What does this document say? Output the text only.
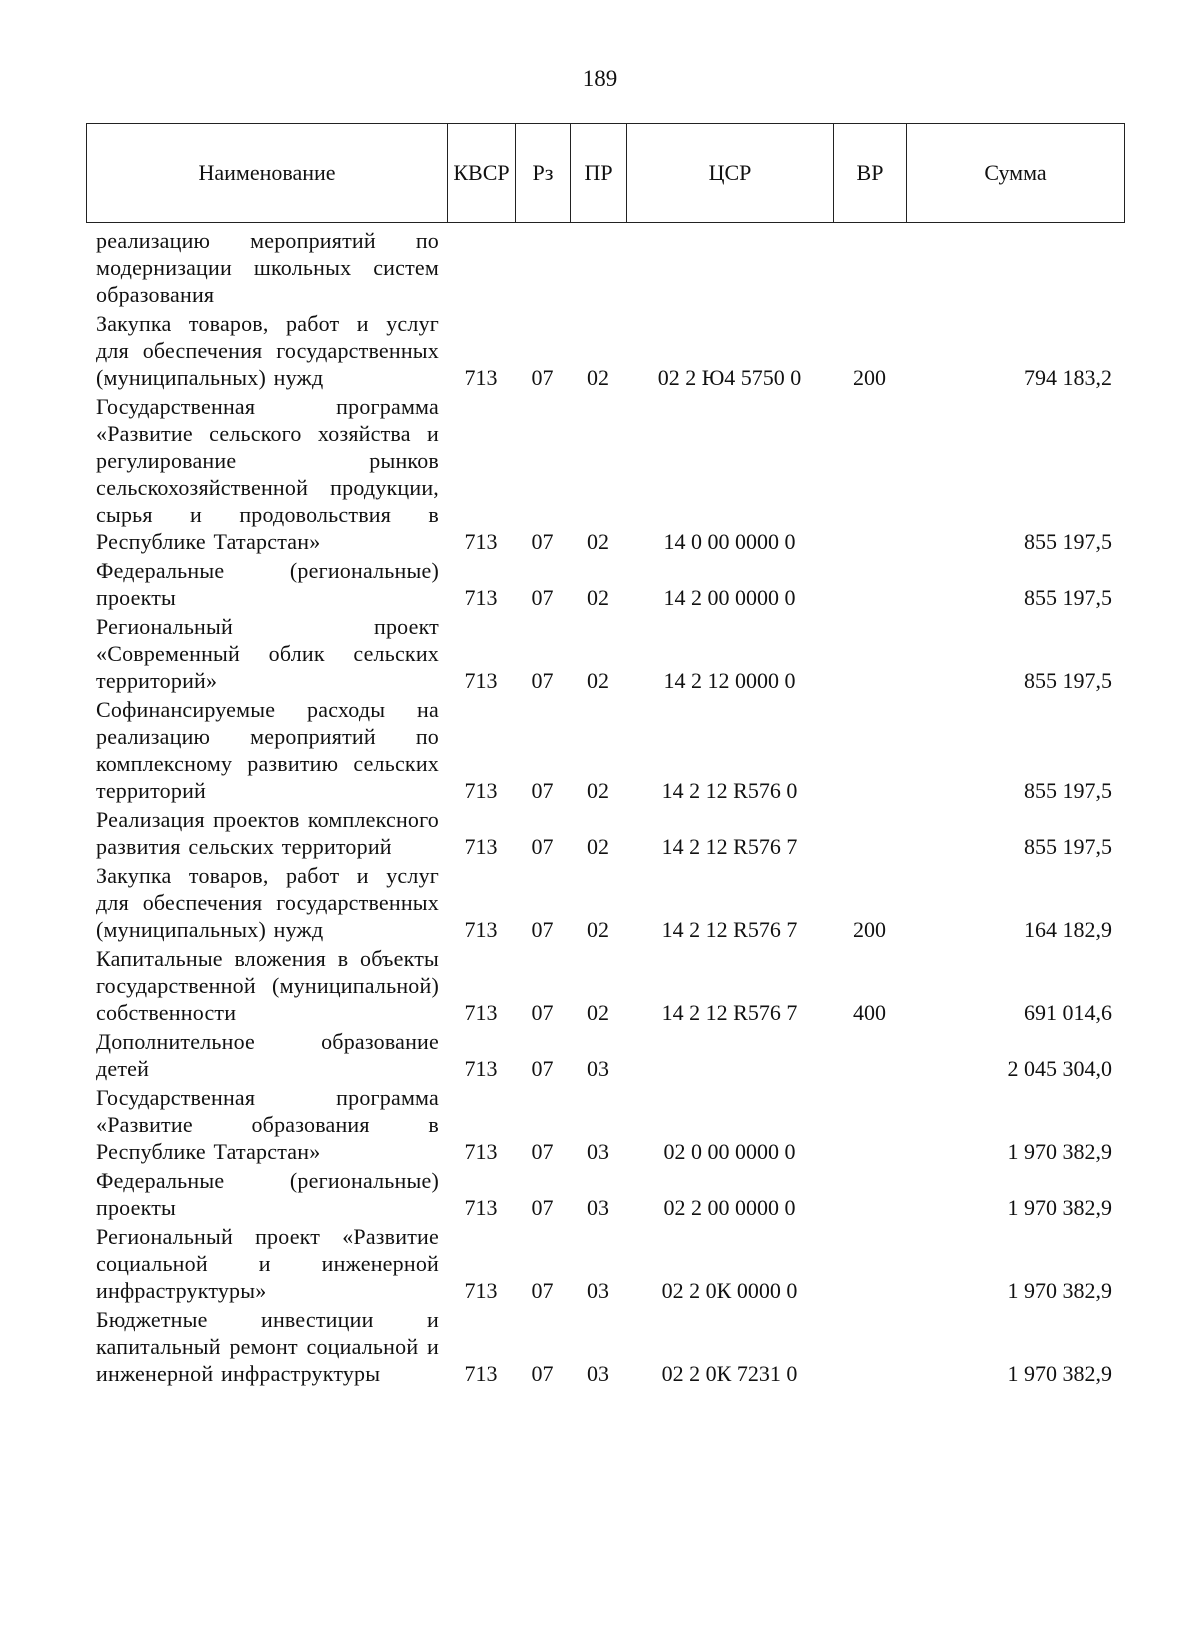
189
Наименование	КВСР	Рз	ПР	ЦСР	ВР	Сумма
реализацию мероприятий по модернизации школьных систем образования						
Закупка товаров, работ и услуг для обеспечения государственных (муниципальных) нужд	713	07	02	02 2 Ю4 5750 0	200	794 183,2
Государственная программа «Развитие сельского хозяйства и регулирование рынков сельскохозяйственной продукции, сырья и продовольствия в Республике Татарстан»	713	07	02	14 0 00 0000 0		855 197,5
Федеральные (региональные) проекты	713	07	02	14 2 00 0000 0		855 197,5
Региональный проект «Современный облик сельских территорий»	713	07	02	14 2 12 0000 0		855 197,5
Софинансируемые расходы на реализацию мероприятий по комплексному развитию сельских территорий	713	07	02	14 2 12 R576 0		855 197,5
Реализация проектов комплексного развития сельских территорий	713	07	02	14 2 12 R576 7		855 197,5
Закупка товаров, работ и услуг для обеспечения государственных (муниципальных) нужд	713	07	02	14 2 12 R576 7	200	164 182,9
Капитальные вложения в объекты государственной (муниципальной) собственности	713	07	02	14 2 12 R576 7	400	691 014,6
Дополнительное образование детей	713	07	03			2 045 304,0
Государственная программа «Развитие образования в Республике Татарстан»	713	07	03	02 0 00 0000 0		1 970 382,9
Федеральные (региональные) проекты	713	07	03	02 2 00 0000 0		1 970 382,9
Региональный проект «Развитие социальной и инженерной инфраструктуры»	713	07	03	02 2 0К 0000 0		1 970 382,9
Бюджетные инвестиции и капитальный ремонт социальной и инженерной инфраструктуры	713	07	03	02 2 0К 7231 0		1 970 382,9
